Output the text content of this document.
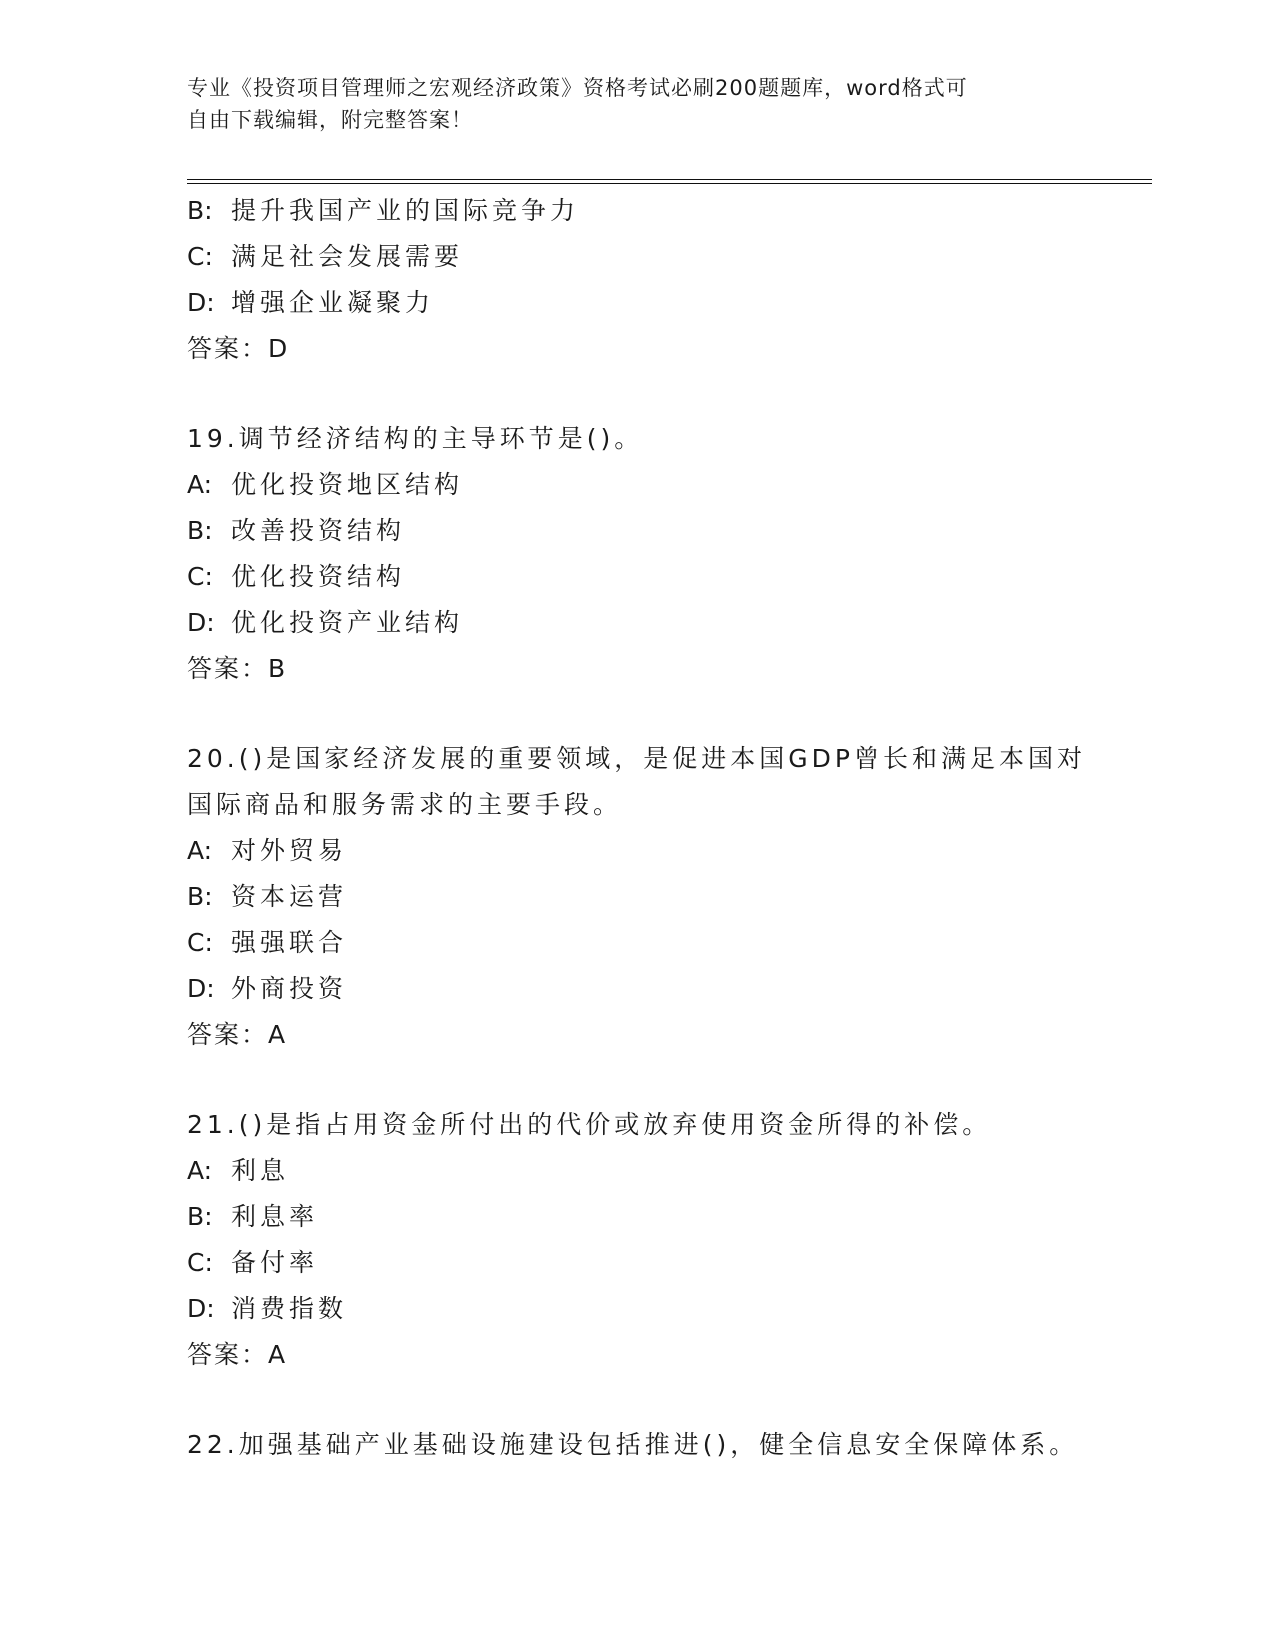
专业《投资项目管理师之宏观经济政策》资格考试必刷200题题库，word格式可
自由下载编辑，附完整答案！
B: 提升我国产业的国际竞争力
C: 满足社会发展需要
D: 增强企业凝聚力
答案：D
19.调节经济结构的主导环节是()。
A: 优化投资地区结构
B: 改善投资结构
C: 优化投资结构
D: 优化投资产业结构
答案：B
20.()是国家经济发展的重要领域，是促进本国GDP曾长和满足本国对
国际商品和服务需求的主要手段。
A: 对外贸易
B: 资本运营
C: 强强联合
D: 外商投资
答案：A
21.()是指占用资金所付出的代价或放弃使用资金所得的补偿。
A: 利息
B: 利息率
C: 备付率
D: 消费指数
答案：A
22.加强基础产业基础设施建设包括推进()，健全信息安全保障体系。
